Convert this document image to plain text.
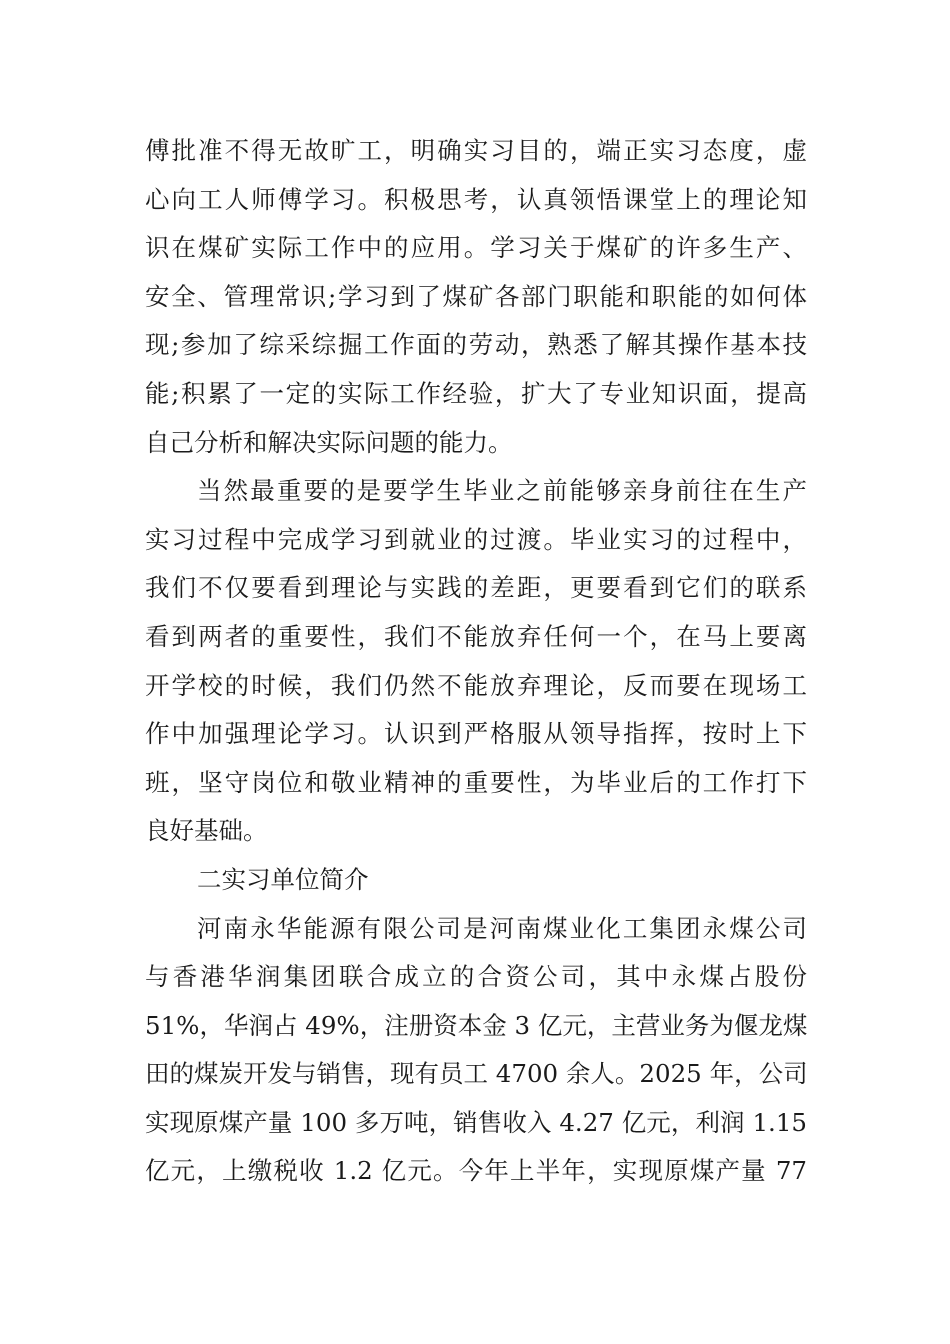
傅批准不得无故旷工，明确实习目的，端正实习态度，虚
心向工人师傅学习。积极思考，认真领悟课堂上的理论知
识在煤矿实际工作中的应用。学习关于煤矿的许多生产、
安全、管理常识;学习到了煤矿各部门职能和职能的如何体
现;参加了综采综掘工作面的劳动，熟悉了解其操作基本技
能;积累了一定的实际工作经验，扩大了专业知识面，提高
自己分析和解决实际问题的能力。
当然最重要的是要学生毕业之前能够亲身前往在生产
实习过程中完成学习到就业的过渡。毕业实习的过程中，
我们不仅要看到理论与实践的差距，更要看到它们的联系
看到两者的重要性，我们不能放弃任何一个，在马上要离
开学校的时候，我们仍然不能放弃理论，反而要在现场工
作中加强理论学习。认识到严格服从领导指挥，按时上下
班，坚守岗位和敬业精神的重要性，为毕业后的工作打下
良好基础。
二实习单位简介
河南永华能源有限公司是河南煤业化工集团永煤公司
与香港华润集团联合成立的合资公司，其中永煤占股份
51%，华润占 49%，注册资本金 3 亿元，主营业务为偃龙煤
田的煤炭开发与销售，现有员工 4700 余人。2025 年，公司
实现原煤产量 100 多万吨，销售收入 4.27 亿元，利润 1.15
亿元，上缴税收 1.2 亿元。今年上半年，实现原煤产量 77
